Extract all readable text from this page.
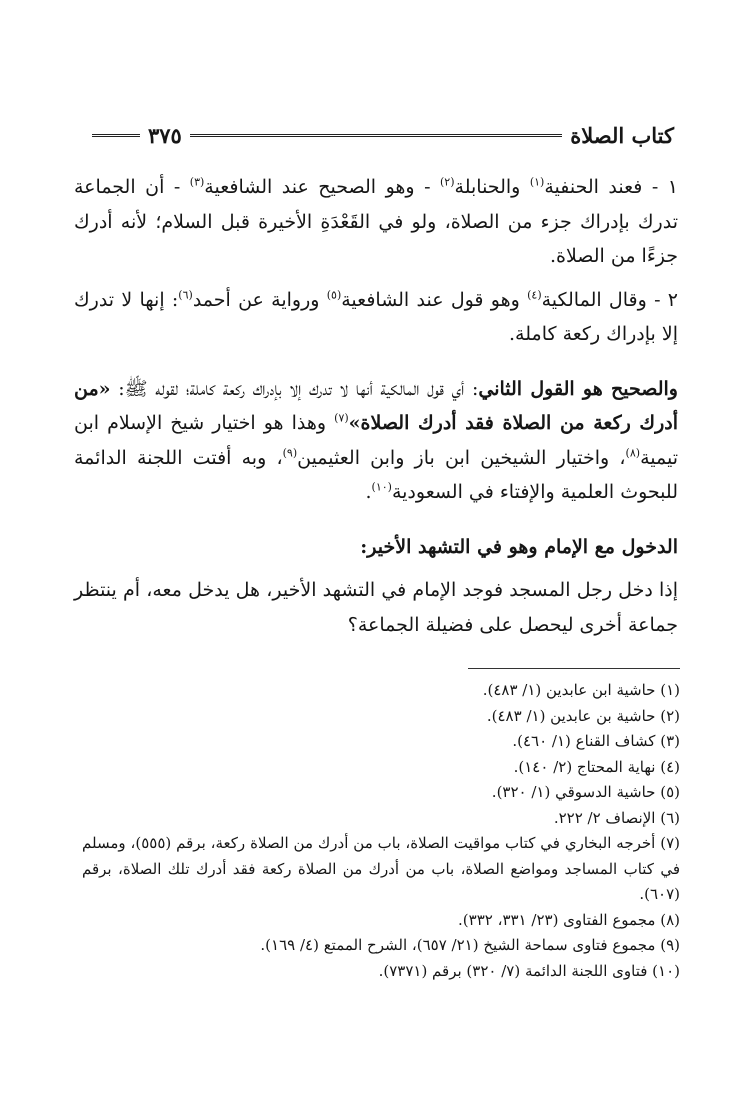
كتاب الصلاة
٣٧٥

١ - فعند الحنفية$^{(١)}$ والحنابلة$^{(٢)}$ - وهو الصحيح عند الشافعية$^{(٣)}$ - أن الجماعة تدرك بإدراك جزء من الصلاة، ولو في القَعْدَةِ الأخيرة قبل السلام؛ لأنه أدرك جزءًا من الصلاة.

٢ - وقال المالكية$^{(٤)}$ وهو قول عند الشافعية$^{(٥)}$ ورواية عن أحمد$^{(٦)}$: إنها لا تدرك إلا بإدراك ركعة كاملة.

والصحيح هو القول الثاني: أي قول المالكية أنها لا تدرك إلا بإدراك ركعة كاملة؛ لقوله ﷺ: «من أدرك ركعة من الصلاة فقد أدرك الصلاة»$^{(٧)}$ وهذا هو اختيار شيخ الإسلام ابن تيمية$^{(٨)}$، واختيار الشيخين ابن باز وابن العثيمين$^{(٩)}$، وبه أفتت اللجنة الدائمة للبحوث العلمية والإفتاء في السعودية$^{(١٠)}$.

الدخول مع الإمام وهو في التشهد الأخير:

إذا دخل رجل المسجد فوجد الإمام في التشهد الأخير، هل يدخل معه، أم ينتظر جماعة أخرى ليحصل على فضيلة الجماعة؟

(١) حاشية ابن عابدين (١/ ٤٨٣).

(٢) حاشية بن عابدين (١/ ٤٨٣).

(٣) كشاف القناع (١/ ٤٦٠).

(٤) نهاية المحتاج (٢/ ١٤٠).

(٥) حاشية الدسوقي (١/ ٣٢٠).

(٦) الإنصاف ٢/ ٢٢٢.

(٧) أخرجه البخاري في كتاب مواقيت الصلاة، باب من أدرك من الصلاة ركعة، برقم (٥٥٥)، ومسلم في كتاب المساجد ومواضع الصلاة، باب من أدرك من الصلاة ركعة فقد أدرك تلك الصلاة، برقم (٦٠٧).

(٨) مجموع الفتاوى (٢٣/ ٣٣١، ٣٣٢).

(٩) مجموع فتاوى سماحة الشيخ (٢١/ ٦٥٧)، الشرح الممتع (٤/ ١٦٩).

(١٠) فتاوى اللجنة الدائمة (٧/ ٣٢٠) برقم (٧٣٧١).
